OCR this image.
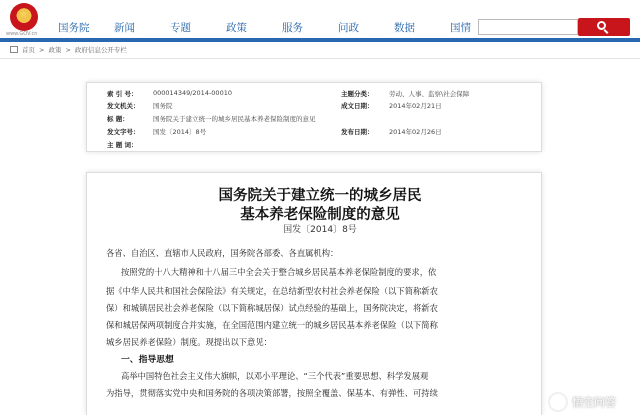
★
www.GOV.cn 国务院	新闻	专题	政策	服务	问政	数据	国情
首页 > 政策 > 政府信息公开专栏
索 引 号： 000014349/2014-00010	主题分类： 劳动、人事、监察\社会保障
发文机关： 国务院	成文日期： 2014年02月21日
标 题：	国务院关于建立统一的城乡居民基本养老保险制度的意见
发文字号： 国发〔2014〕8号	发布日期： 2014年02月26日
主 题 词：
国务院关于建立统一的城乡居民
基本养老保险制度的意见
国发〔2014〕8号
各省、自治区、直辖市人民政府，国务院各部委、各直属机构：
按照党的十八大精神和十八届三中全会关于整合城乡居民基本养老保险制度的要求，依
据《中华人民共和国社会保险法》有关规定，在总结新型农村社会养老保险（以下简称新农
保）和城镇居民社会养老保险（以下简称城居保）试点经验的基础上，国务院决定，将新农
保和城居保两项制度合并实施，在全国范围内建立统一的城乡居民基本养老保险（以下简称
城乡居民养老保险）制度。现提出以下意见：
一、指导思想
高举中国特色社会主义伟大旗帜，以邓小平理论、“三个代表”重要思想、科学发展观
为指导，贯彻落实党中央和国务院的各项决策部署，按照全覆盖、保基本、有弹性、可持续
悟空问答
